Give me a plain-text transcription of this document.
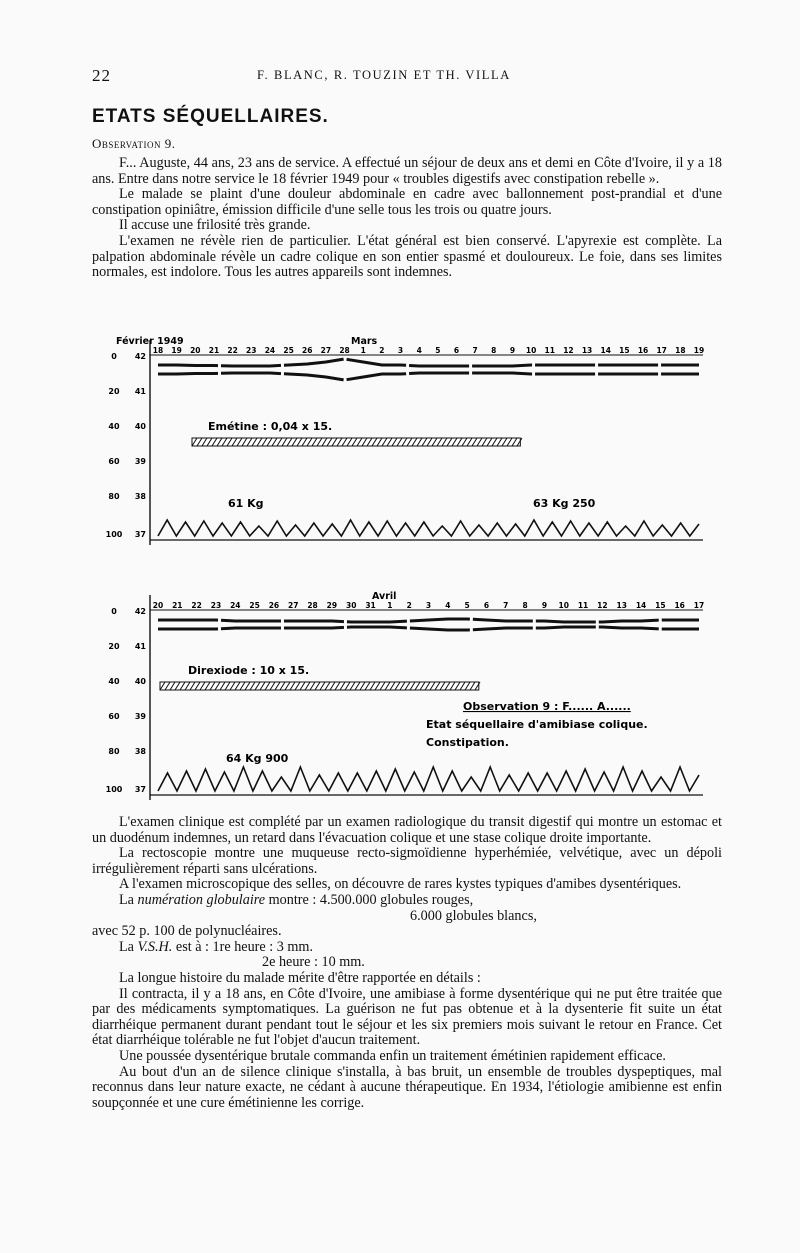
22	F. BLANC, R. TOUZIN ET TH. VILLA
ETATS SÉQUELLAIRES.
Observation 9.

F... Auguste, 44 ans, 23 ans de service. A effectué un séjour de deux ans et demi en Côte d'Ivoire, il y a 18 ans. Entre dans notre service le 18 février 1949 pour « troubles digestifs avec constipation rebelle ».

Le malade se plaint d'une douleur abdominale en cadre avec ballonnement post-prandial et d'une constipation opiniâtre, émission difficile d'une selle tous les trois ou quatre jours.

Il accuse une frilosité très grande.

L'examen ne révèle rien de particulier. L'état général est bien conservé. L'apyrexie est complète. La palpation abdominale révèle un cadre colique en son entier spasmé et douloureux. Le foie, dans ses limites normales, est indolore. Tous les autres appareils sont indemnes.

0
20
40
60
80
100
42
41
40
39
38
37
Février 1949	Mars
18 19 20 21 22 23 24 25 26 27 28 1 2 3 4 5 6 7 8 9 10 11 12 13 14 15 16 17 18 19
Emétine : 0,04 x 15.
61 Kg	63 Kg 250
0
20
40
60
80
100
42
41
40
39
38
37
Avril
20 21 22 23 24 25 26 27 28 29 30 31 1 2 3 4 5 6 7 8 9 10 11 12 13 14 15 16 17
Direxiode : 10 x 15.
64 Kg 900
Observation 9 : F...... A......
Etat séquellaire d'amibiase colique.
Constipation.

L'examen clinique est complété par un examen radiologique du transit digestif qui montre un estomac et un duodénum indemnes, un retard dans l'évacuation colique et une stase colique droite importante.

La rectoscopie montre une muqueuse recto-sigmoïdienne hyperhémiée, velvétique, avec un dépoli irrégulièrement réparti sans ulcérations.

A l'examen microscopique des selles, on découvre de rares kystes typiques d'amibes dysentériques.

La numération globulaire montre : 4.500.000 globules rouges,

6.000 globules blancs,

avec 52 p. 100 de polynucléaires.

La V.S.H. est à : 1re heure : 3 mm.

2e heure : 10 mm.

La longue histoire du malade mérite d'être rapportée en détails :

Il contracta, il y a 18 ans, en Côte d'Ivoire, une amibiase à forme dysentérique qui ne put être traitée que par des médicaments symptomatiques. La guérison ne fut pas obtenue et à la dysenterie fit suite un état diarrhéique permanent durant pendant tout le séjour et les six premiers mois suivant le retour en France. Cet état diarrhéique tolérable ne fut l'objet d'aucun traitement.

Une poussée dysentérique brutale commanda enfin un traitement émétinien rapidement efficace.

Au bout d'un an de silence clinique s'installa, à bas bruit, un ensemble de troubles dyspeptiques, mal reconnus dans leur nature exacte, ne cédant à aucune thérapeutique. En 1934, l'étiologie amibienne est enfin soupçonnée et une cure émétinienne les corrige.
